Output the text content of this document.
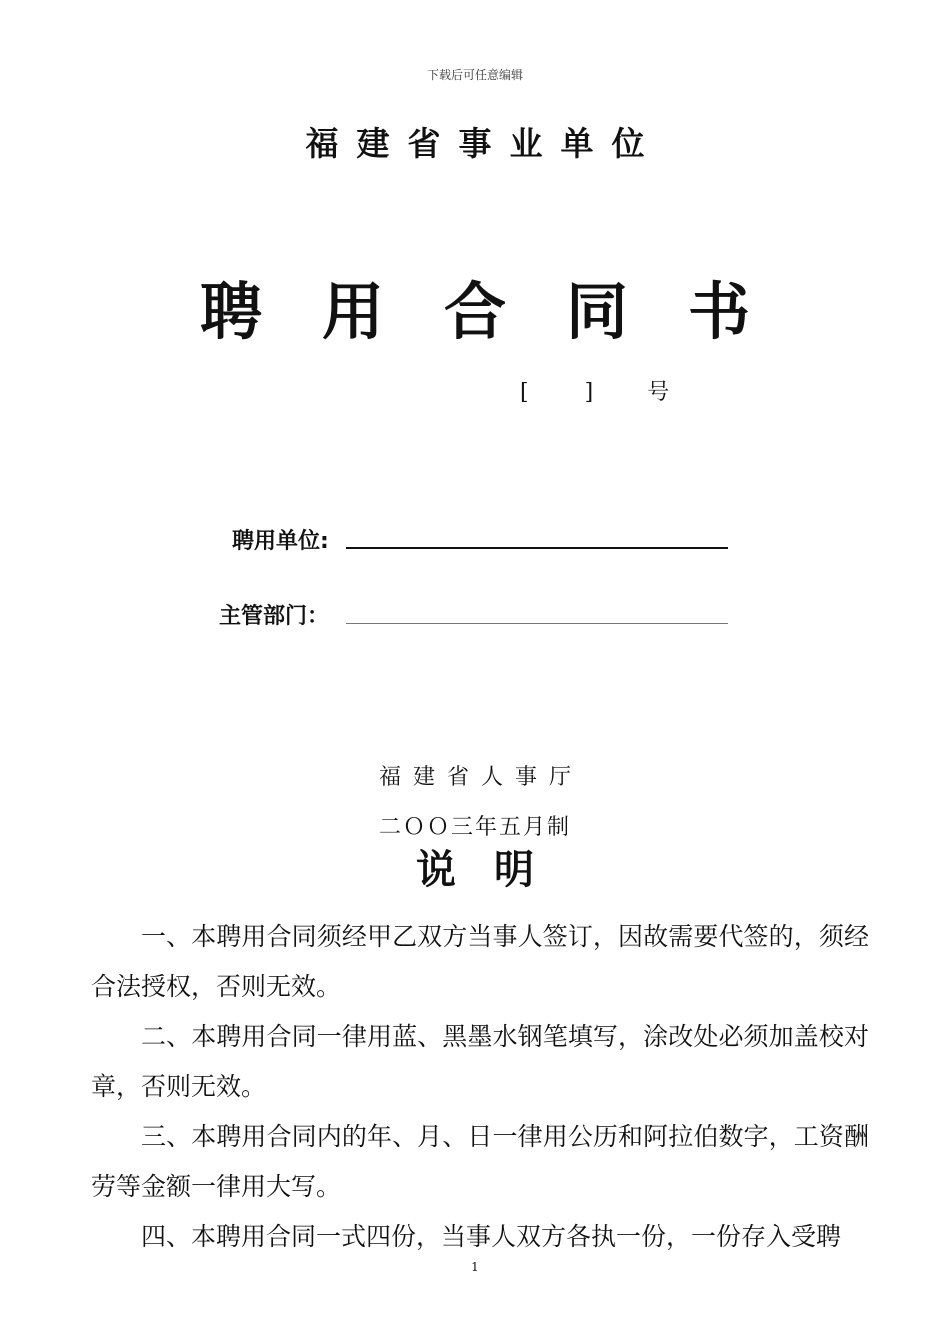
下载后可任意编辑
福建省事业单位
聘用合同书
[	] 号
聘用单位:
主管部门：
福建省人事厅
二ＯＯ三年五月制
说明

一、本聘用合同须经甲乙双方当事人签订，因故需要代签的，须经合法授权，否则无效。

二、本聘用合同一律用蓝、黑墨水钢笔填写，涂改处必须加盖校对章，否则无效。

三、本聘用合同内的年、月、日一律用公历和阿拉伯数字，工资酬劳等金额一律用大写。

四、本聘用合同一式四份，当事人双方各执一份，一份存入受聘

1
